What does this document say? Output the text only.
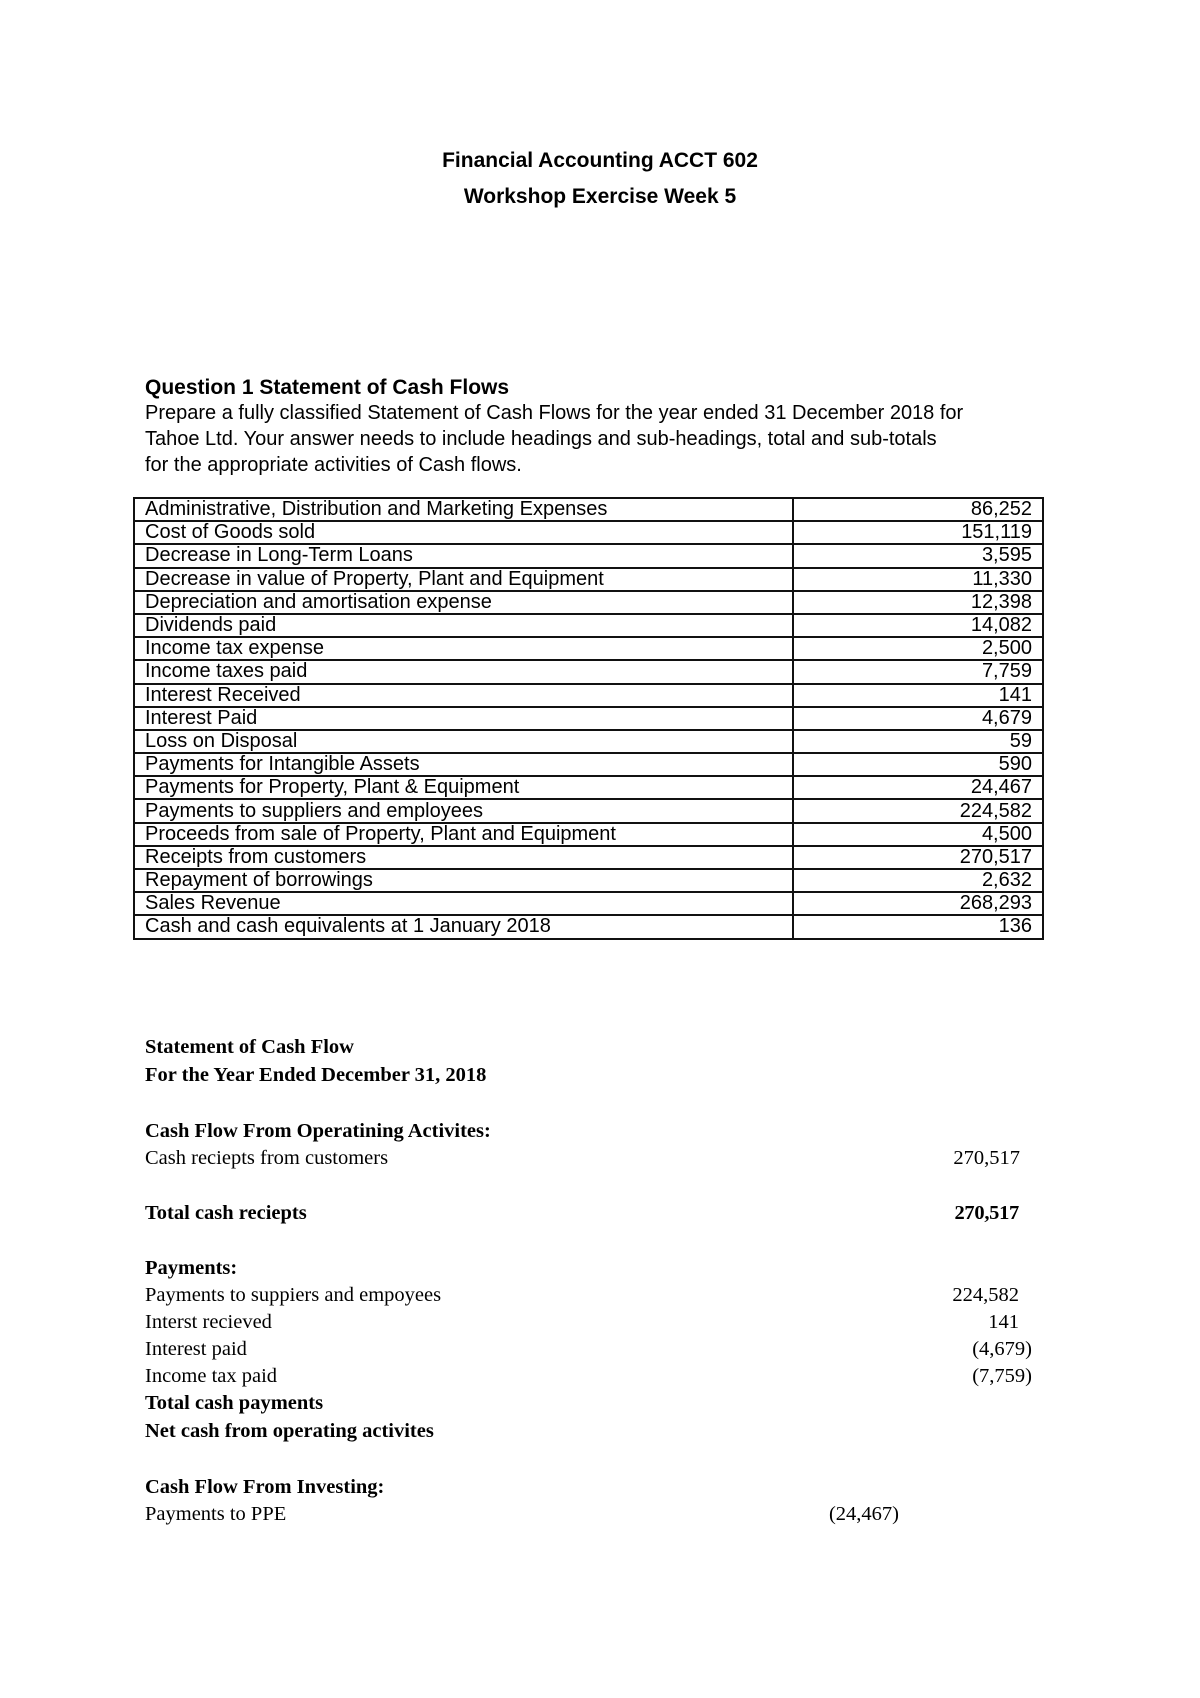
Financial Accounting ACCT 602
Workshop Exercise Week 5
Question 1 Statement of Cash Flows
Prepare a fully classified Statement of Cash Flows for the year ended 31 December 2018 for
Tahoe Ltd. Your answer needs to include headings and sub-headings, total and sub-totals
for the appropriate activities of Cash flows.
Administrative, Distribution and Marketing Expenses	86,252
Cost of Goods sold	151,119
Decrease in Long-Term Loans	3,595
Decrease in value of Property, Plant and Equipment	11,330
Depreciation and amortisation expense	12,398
Dividends paid	14,082
Income tax expense	2,500
Income taxes paid	7,759
Interest Received	141
Interest Paid	4,679
Loss on Disposal	59
Payments for Intangible Assets	590
Payments for Property, Plant & Equipment	24,467
Payments to suppliers and employees	224,582
Proceeds from sale of Property, Plant and Equipment	4,500
Receipts from customers	270,517
Repayment of borrowings	2,632
Sales Revenue	268,293
Cash and cash equivalents at 1 January 2018	136
Statement of Cash Flow
For the Year Ended December 31, 2018
Cash Flow From Operatining Activites:
Cash reciepts from customers	270,517
Total cash reciepts	270,517
Payments:
Payments to suppiers and empoyees	224,582
Interst recieved	141
Interest paid	(4,679)
Income tax paid	(7,759)
Total cash payments
Net cash from operating activites
Cash Flow From Investing:
Payments to PPE	(24,467)
